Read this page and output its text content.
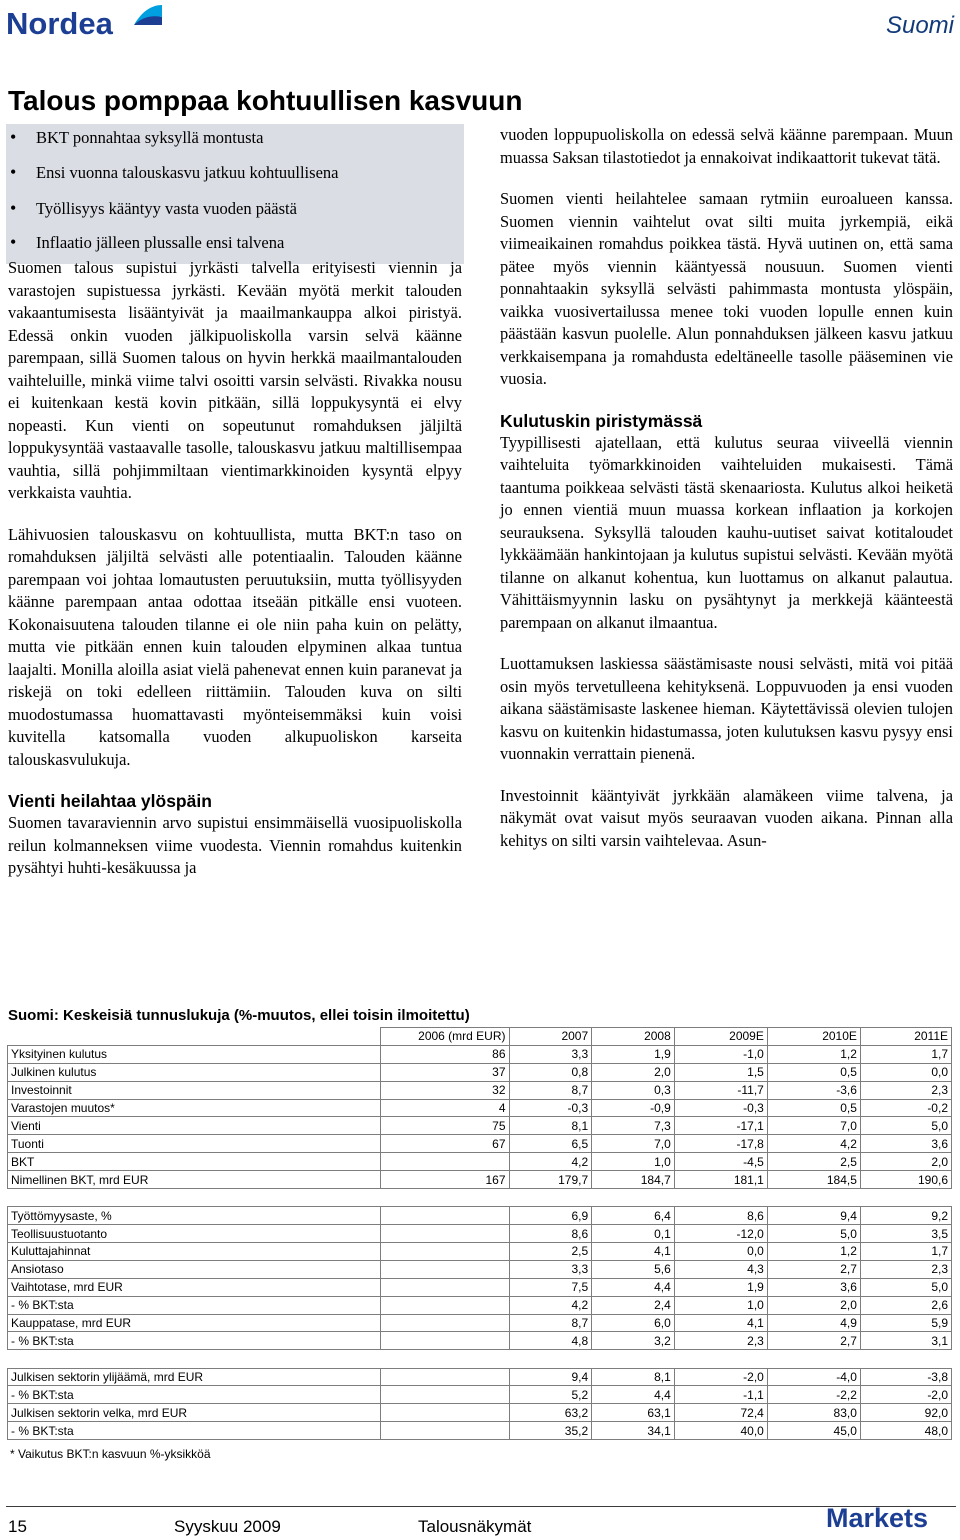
Nordea	Suomi
Talous pomppaa kohtuullisen kasvuun
BKT ponnahtaa syksyllä montusta
Ensi vuonna talouskasvu jatkuu kohtuullisena
Työllisyys kääntyy vasta vuoden päästä
Inflaatio jälleen plussalle ensi talvena

Suomen talous supistui jyrkästi talvella erityisesti viennin ja varastojen supistuessa jyrkästi. Kevään myötä merkit talouden vakaantumisesta lisääntyivät ja maailmankauppa alkoi piristyä. Edessä onkin vuoden jälkipuoliskolla varsin selvä käänne parempaan, sillä Suomen talous on hyvin herkkä maailmantalouden vaihteluille, minkä viime talvi osoitti varsin selvästi. Rivakka nousu ei kuitenkaan kestä kovin pitkään, sillä loppukysyntä ei elvy nopeasti. Kun vienti on sopeutunut romahduksen jäljiltä loppukysyntää vastaavalle tasolle, talouskasvu jatkuu maltillisempaa vauhtia, sillä pohjimmiltaan vientimarkkinoiden kysyntä elpyy verkkaista vauhtia.

Lähivuosien talouskasvu on kohtuullista, mutta BKT:n taso on romahduksen jäljiltä selvästi alle potentiaalin. Talouden käänne parempaan voi johtaa lomautusten peruutuksiin, mutta työllisyyden käänne parempaan antaa odottaa itseään pitkälle ensi vuoteen. Kokonaisuutena talouden tilanne ei ole niin paha kuin on pelätty, mutta vie pitkään ennen kuin talouden elpyminen alkaa tuntua laajalti. Monilla aloilla asiat vielä pahenevat ennen kuin paranevat ja riskejä on toki edelleen riittämiin. Talouden kuva on silti muodostumassa huomattavasti myönteisemmäksi kuin voisi kuvitella katsomalla vuoden alkupuoliskon karseita talouskasvulukuja.

Vienti heilahtaa ylöspäin

Suomen tavaraviennin arvo supistui ensimmäisellä vuosipuoliskolla reilun kolmanneksen viime vuodesta. Viennin romahdus kuitenkin pysähtyi huhti-kesäkuussa ja

vuoden loppupuoliskolla on edessä selvä käänne parempaan. Muun muassa Saksan tilastotiedot ja ennakoivat indikaattorit tukevat tätä.

Suomen vienti heilahtelee samaan rytmiin euroalueen kanssa. Suomen viennin vaihtelut ovat silti muita jyrkempiä, eikä viimeaikainen romahdus poikkea tästä. Hyvä uutinen on, että sama pätee myös viennin kääntyessä nousuun. Suomen vienti ponnahtaakin syksyllä selvästi pahimmasta montusta ylöspäin, vaikka vuosivertailussa menee toki vuoden lopulle ennen kuin päästään kasvun puolelle. Alun ponnahduksen jälkeen kasvu jatkuu verkkaisempana ja romahdusta edeltäneelle tasolle pääseminen vie vuosia.

Kulutuskin piristymässä

Tyypillisesti ajatellaan, että kulutus seuraa viiveellä viennin vaihteluita työmarkkinoiden vaihteluiden mukaisesti. Tämä taantuma poikkeaa selvästi tästä skenaariosta. Kulutus alkoi heiketä jo ennen vientiä muun muassa korkean inflaation ja korkojen seurauksena. Syksyllä talouden kauhu-uutiset saivat kotitaloudet lykkäämään hankintojaan ja kulutus supistui selvästi. Kevään myötä tilanne on alkanut kohentua, kun luottamus on alkanut palautua. Vähittäismyynnin lasku on pysähtynyt ja merkkejä käänteestä parempaan on alkanut ilmaantua.

Luottamuksen laskiessa säästämisaste nousi selvästi, mitä voi pitää osin myös tervetulleena kehityksenä. Loppuvuoden ja ensi vuoden aikana säästämisaste laskenee hieman. Käytettävissä olevien tulojen kasvu on kuitenkin hidastumassa, joten kulutuksen kasvu pysyy ensi vuonnakin verrattain pienenä.

Investoinnit kääntyivät jyrkkään alamäkeen viime talvena, ja näkymät ovat vaisut myös seuraavan vuoden aikana. Pinnan alla kehitys on silti varsin vaihtelevaa. Asun-

Suomi: Keskeisiä tunnuslukuja (%-muutos, ellei toisin ilmoitettu)
	2006 (mrd EUR)	2007	2008	2009E	2010E	2011E
Yksityinen kulutus	86	3,3	1,9	-1,0	1,2	1,7
Julkinen kulutus	37	0,8	2,0	1,5	0,5	0,0
Investoinnit	32	8,7	0,3	-11,7	-3,6	2,3
Varastojen muutos*	4	-0,3	-0,9	-0,3	0,5	-0,2
Vienti	75	8,1	7,3	-17,1	7,0	5,0
Tuonti	67	6,5	7,0	-17,8	4,2	3,6
BKT		4,2	1,0	-4,5	2,5	2,0
Nimellinen BKT, mrd EUR	167	179,7	184,7	181,1	184,5	190,6

Työttömyysaste, %		6,9	6,4	8,6	9,4	9,2
Teollisuustuotanto		8,6	0,1	-12,0	5,0	3,5
Kuluttajahinnat		2,5	4,1	0,0	1,2	1,7
Ansiotaso		3,3	5,6	4,3	2,7	2,3
Vaihtotase, mrd EUR		7,5	4,4	1,9	3,6	5,0
- % BKT:sta		4,2	2,4	1,0	2,0	2,6
Kauppatase, mrd EUR		8,7	6,0	4,1	4,9	5,9
- % BKT:sta		4,8	3,2	2,3	2,7	3,1

Julkisen sektorin ylijäämä, mrd EUR		9,4	8,1	-2,0	-4,0	-3,8
- % BKT:sta		5,2	4,4	-1,1	-2,2	-2,0
Julkisen sektorin velka, mrd EUR		63,2	63,1	72,4	83,0	92,0
- % BKT:sta		35,2	34,1	40,0	45,0	48,0
* Vaikutus BKT:n kasvuun %-yksikköä
15	Syyskuu 2009	Talousnäkymät	Markets
